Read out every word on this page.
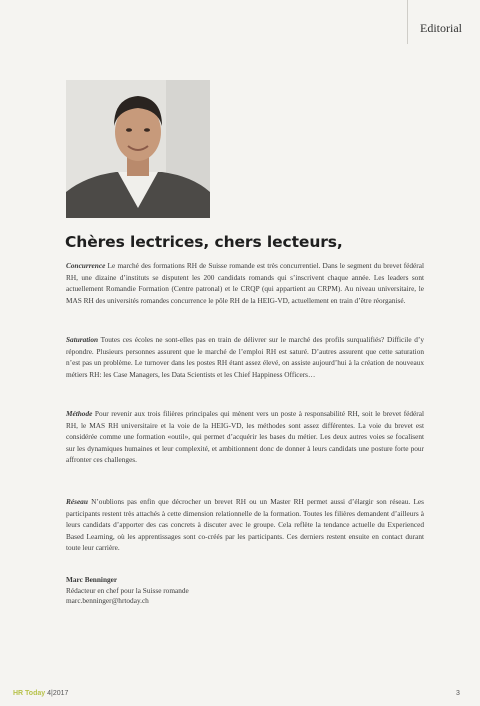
Editorial
Chères lectrices, chers lecteurs,
Concurrence Le marché des formations RH de Suisse romande est très concurrentiel. Dans le segment du brevet fédéral RH, une dizaine d’instituts se disputent les 200 candidats romands qui s’inscrivent chaque année. Les leaders sont actuellement Romandie Formation (Centre patronal) et le CRQP (qui appartient au CRPM). Au niveau universitaire, le MAS RH des universités romandes concurrence le pôle RH de la HEIG-VD, actuellement en train d’être réorganisé.
Saturation Toutes ces écoles ne sont-elles pas en train de délivrer sur le marché des profils surqualifiés? Difficile d’y répondre. Plusieurs personnes assurent que le marché de l’emploi RH est saturé. D’autres assurent que cette saturation n’est pas un problème. Le turnover dans les postes RH étant assez élevé, on assiste aujourd’hui à la création de nouveaux métiers RH: les Case Managers, les Data Scientists et les Chief Happiness Officers…
Méthode Pour revenir aux trois filières principales qui mènent vers un poste à responsabilité RH, soit le brevet fédéral RH, le MAS RH universitaire et la voie de la HEIG-VD, les méthodes sont assez différentes. La voie du brevet est considérée comme une formation «outil», qui permet d’acquérir les bases du métier. Les deux autres voies se focalisent sur les dynamiques humaines et leur complexité, et ambitionnent donc de donner à leurs candidats une posture forte pour affronter ces challenges.
Réseau N’oublions pas enfin que décrocher un brevet RH ou un Master RH permet aussi d’élargir son réseau. Les participants restent très attachés à cette dimension relationnelle de la formation. Toutes les filières demandent d’ailleurs à leurs candidats d’apporter des cas concrets à discuter avec le groupe. Cela reflète la tendance actuelle du Experienced Based Learning, où les apprentissages sont co-créés par les participants. Ces derniers restent ensuite en contact durant toute leur carrière.
Marc Benninger
Rédacteur en chef pour la Suisse romande
marc.benninger@hrtoday.ch
HR Today 4|2017	3
